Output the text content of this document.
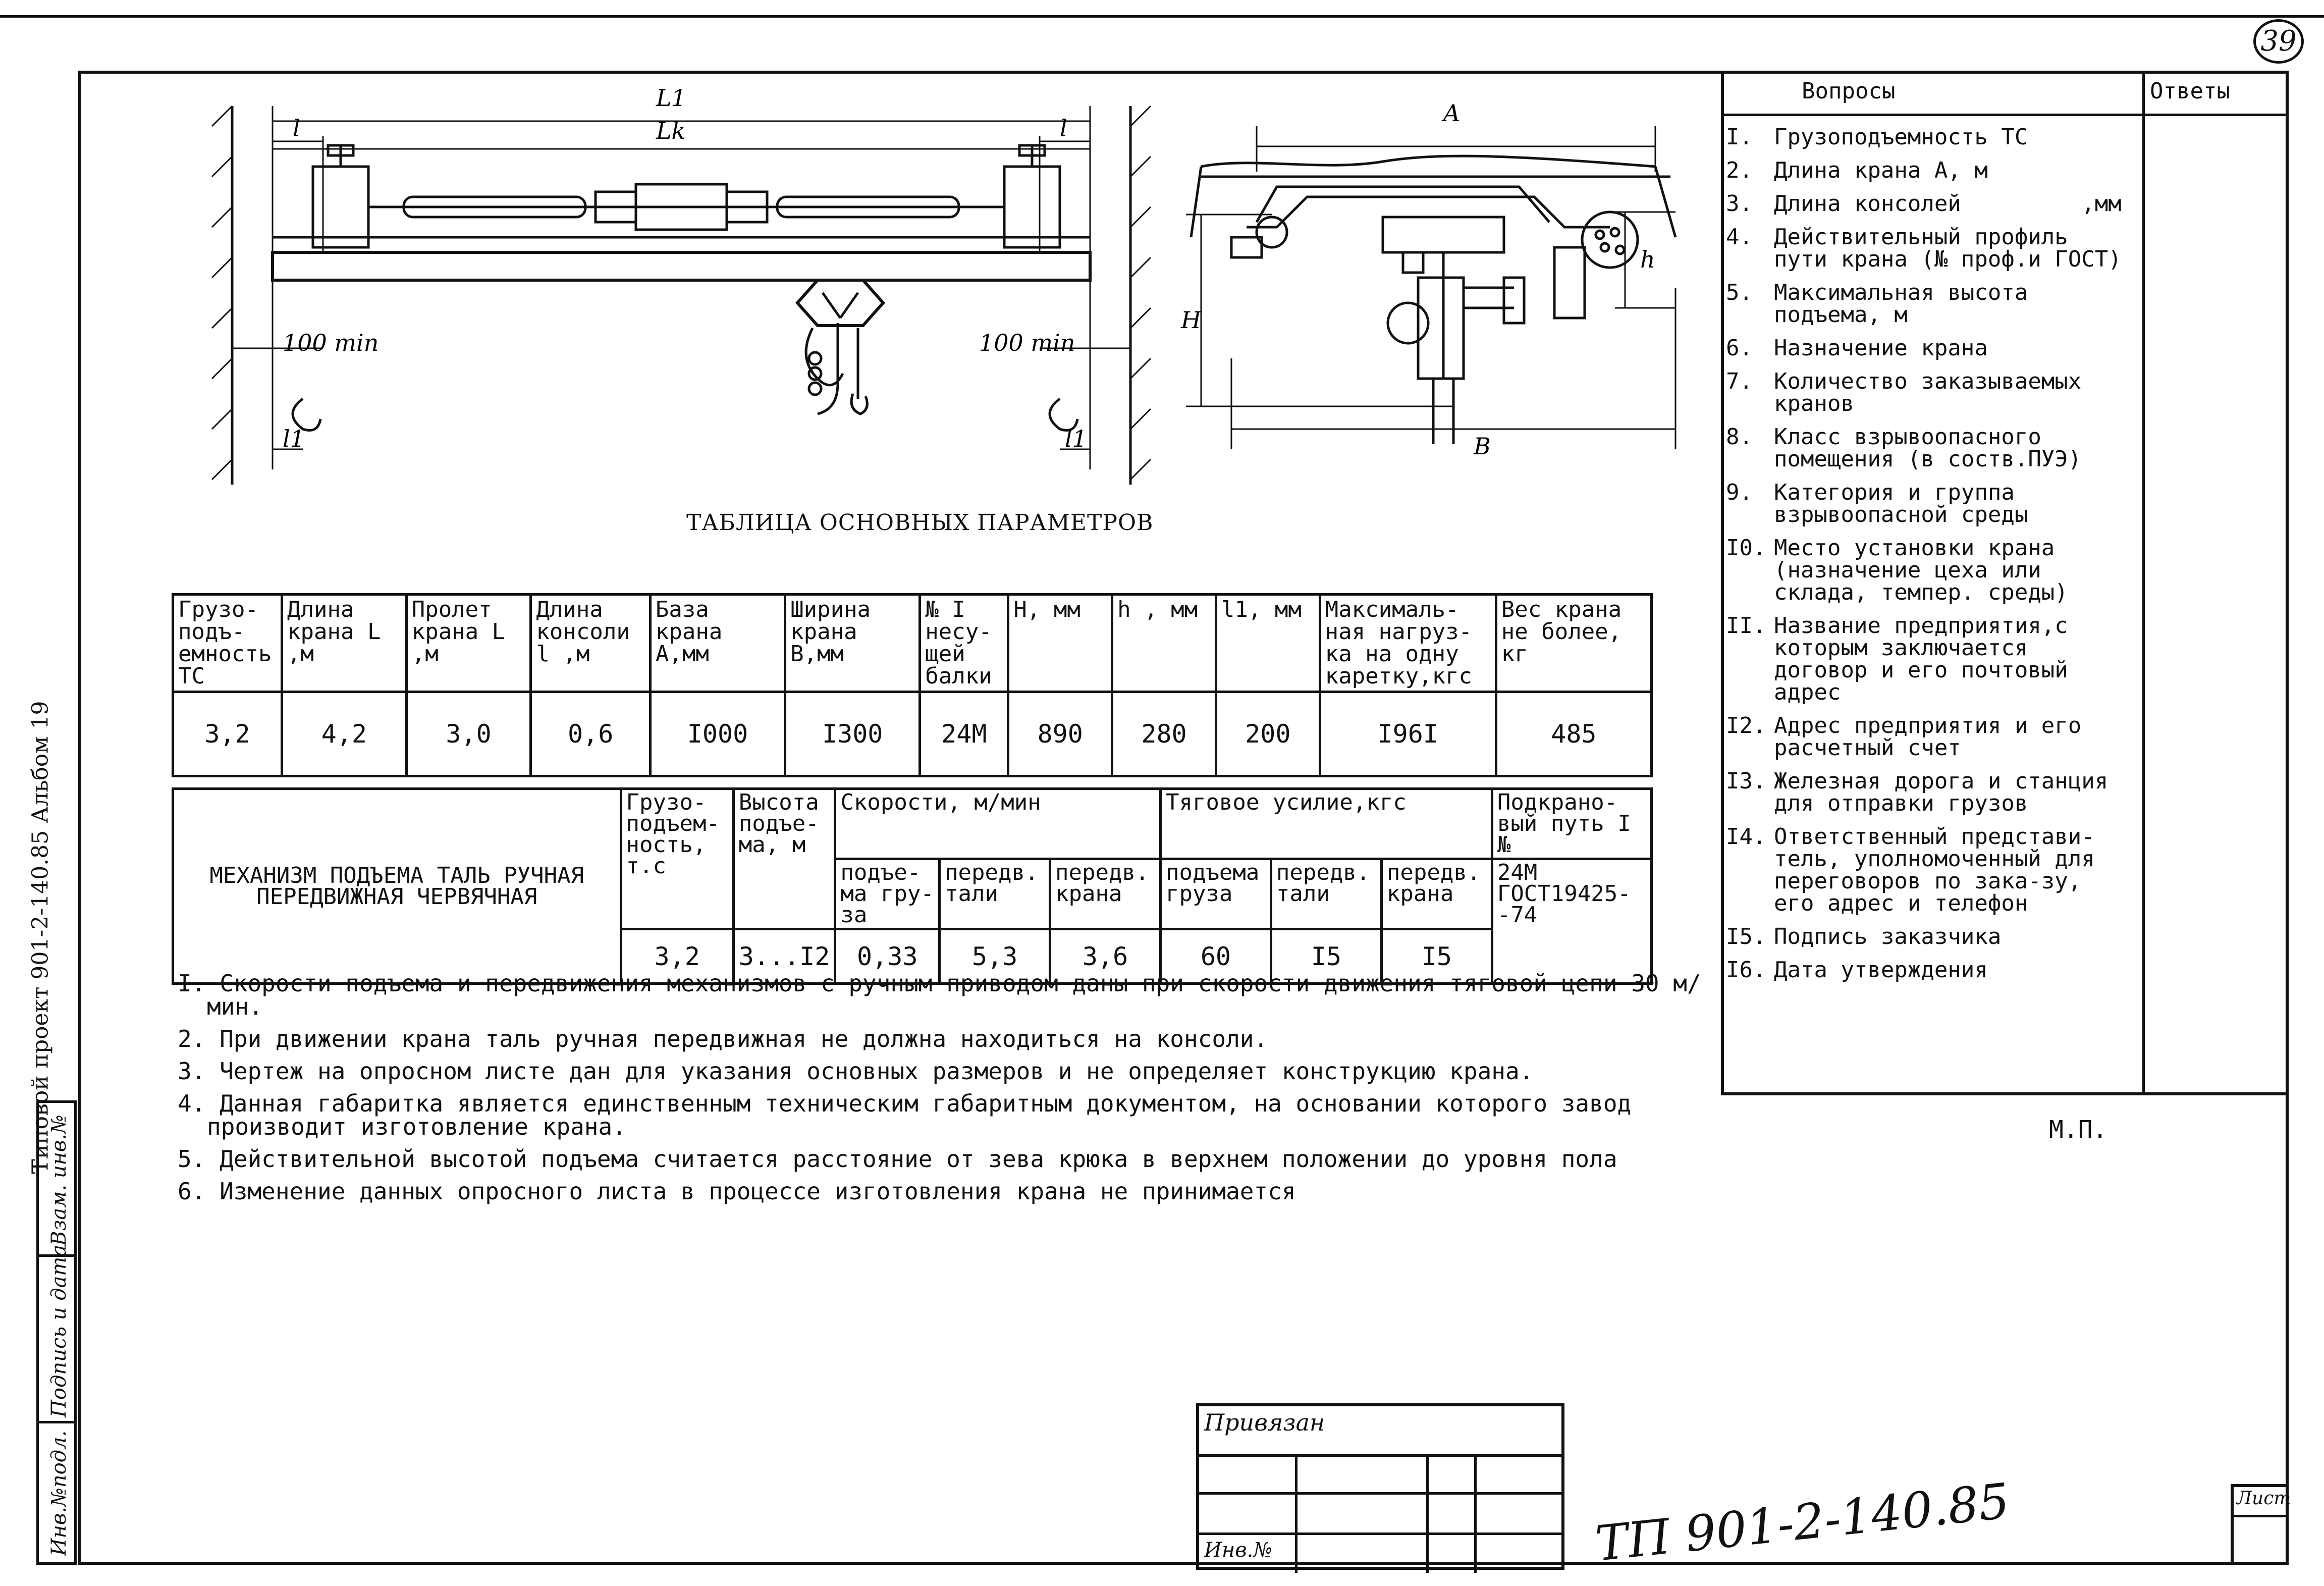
39
Типовой проект 901-2-140.85 Альбом 19
Взам. инв.№
Подпись и дата
Инв.№подл.
L1
Lk
l	l
100 min	100 min
l1	l1
A
H
h
B
ТАБЛИЦА ОСНОВНЫХ ПАРАМЕТРОВ
Грузо-подъ-емность ТС	Длина крана L ,м	Пролет крана L ,м	Длина консоли l ,м	База крана А,мм	Ширина крана В,мм	№ I несу-щей балки	Н, мм	h , мм	l1, мм	Максималь-ная нагруз-ка на одну каретку,кгс	Вес крана не более, кг
3,2	4,2	3,0	0,6	I000	I300	24М	890	280	200	I96I	485
МЕХАНИЗМ ПОДЪЕМА ТАЛЬ РУЧНАЯ ПЕРЕДВИЖНАЯ ЧЕРВЯЧНАЯ	Грузо-подъем-ность, т.с	Высота подъе-ма, м	Скорости, м/мин			Тяговое усилие,кгс			Подкрано-вый путь I №
			подъе-ма гру-за	передв. тали	передв. крана	подъема груза	передв. тали	передв. крана	24М ГОСТ19425--74
	3,2	3...I2	0,33	5,3	3,6	60	I5	I5	
I. Скорости подъема и передвижения механизмов с ручным приводом даны при скорости движения тяговой цепи 30 м/мин.
2. При движении крана таль ручная передвижная не должна находиться на консоли.
3. Чертеж на опросном листе дан для указания основных размеров и не определяет конструкцию крана.
4. Данная габаритка является единственным техническим габаритным документом, на основании которого завод производит изготовление крана.
5. Действительной высотой подъема считается расстояние от зева крюка в верхнем положении до уровня пола
6. Изменение данных опросного листа в процессе изготовления крана не принимается
Вопросы	Ответы
I. Грузоподъемность ТС
2. Длина крана А, м
3. Длина консолей         ,мм
4. Действительный профиль пути крана (№ проф.и ГОСТ)
5. Максимальная высота подъема, м
6. Назначение крана
7. Количество заказываемых кранов
8. Класс взрывоопасного помещения (в соств.ПУЭ)
9. Категория и группа взрывоопасной среды
I0. Место установки крана (назначение цеха или склада, темпер. среды)
II. Название предприятия,с которым заключается договор и его почтовый адрес
I2. Адрес предприятия и его расчетный счет
I3. Железная дорога и станция для отправки грузов
I4. Ответственный представи-тель, уполномоченный для переговоров по зака-зу, его адрес и телефон
I5. Подпись заказчика
I6. Дата утверждения
М.П.
Привязан
Инв.№	ТП 901-2-140.85	Лист
